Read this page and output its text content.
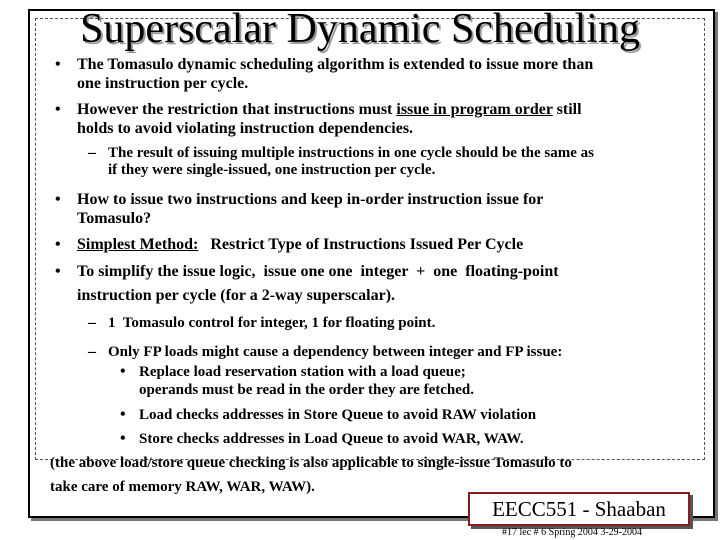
Superscalar Dynamic Scheduling
• The Tomasulo dynamic scheduling algorithm is extended to issue more than
one instruction per cycle.
• However the restriction that instructions must issue in program order still
holds to avoid violating instruction dependencies.
– The result of issuing multiple instructions in one cycle should be the same as
if they were single-issued, one instruction per cycle.
• How to issue two instructions and keep in-order instruction issue for
Tomasulo?
• Simplest Method:   Restrict Type of Instructions Issued Per Cycle
• To simplify the issue logic,  issue one one  integer  +  one  floating-point
instruction per cycle (for a 2-way superscalar).
– 1  Tomasulo control for integer, 1 for floating point.
– Only FP loads might cause a dependency between integer and FP issue:
• Replace load reservation station with a load queue;
operands must be read in the order they are fetched.
• Load checks addresses in Store Queue to avoid RAW violation
• Store checks addresses in Load Queue to avoid WAR, WAW.
(the above load/store queue checking is also applicable to single-issue Tomasulo to
take care of memory RAW, WAR, WAW).
EECC551 - Shaaban
#17 lec # 6 Spring 2004 3-29-2004
